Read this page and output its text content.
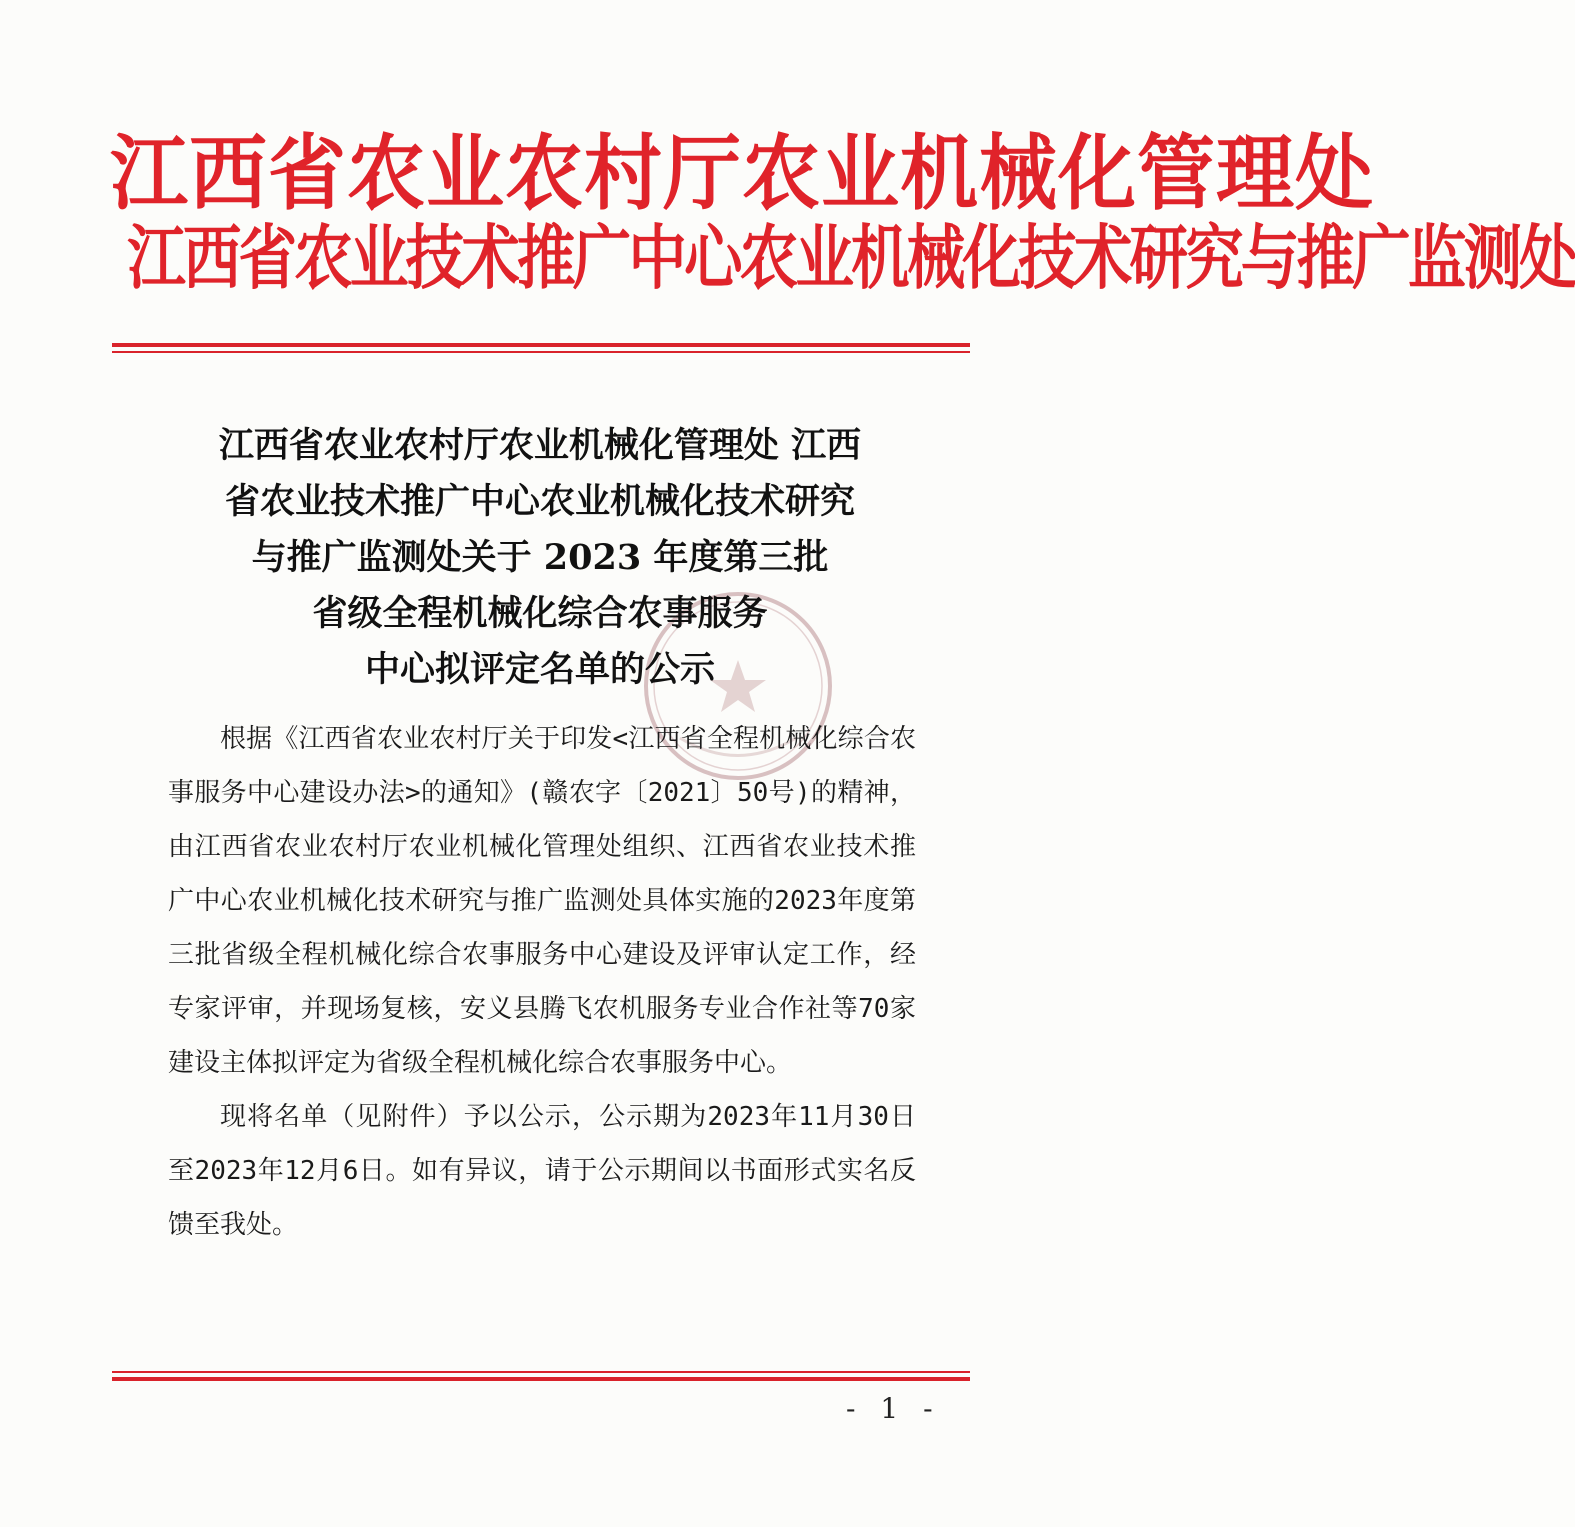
江西省农业农村厅农业机械化管理处
江西省农业技术推广中心农业机械化技术研究与推广监测处
江西省农业农村厅农业机械化管理处 江西
省农业技术推广中心农业机械化技术研究
与推广监测处关于 2023 年度第三批
省级全程机械化综合农事服务
中心拟评定名单的公示

根据《江西省农业农村厅关于印发<江西省全程机械化综合农事服务中心建设办法>的通知》(赣农字〔2021〕50号)的精神，由江西省农业农村厅农业机械化管理处组织、江西省农业技术推广中心农业机械化技术研究与推广监测处具体实施的2023年度第三批省级全程机械化综合农事服务中心建设及评审认定工作，经专家评审，并现场复核，安义县腾飞农机服务专业合作社等70家建设主体拟评定为省级全程机械化综合农事服务中心。

现将名单（见附件）予以公示，公示期为2023年11月30日至2023年12月6日。如有异议，请于公示期间以书面形式实名反馈至我处。

- 1 -
